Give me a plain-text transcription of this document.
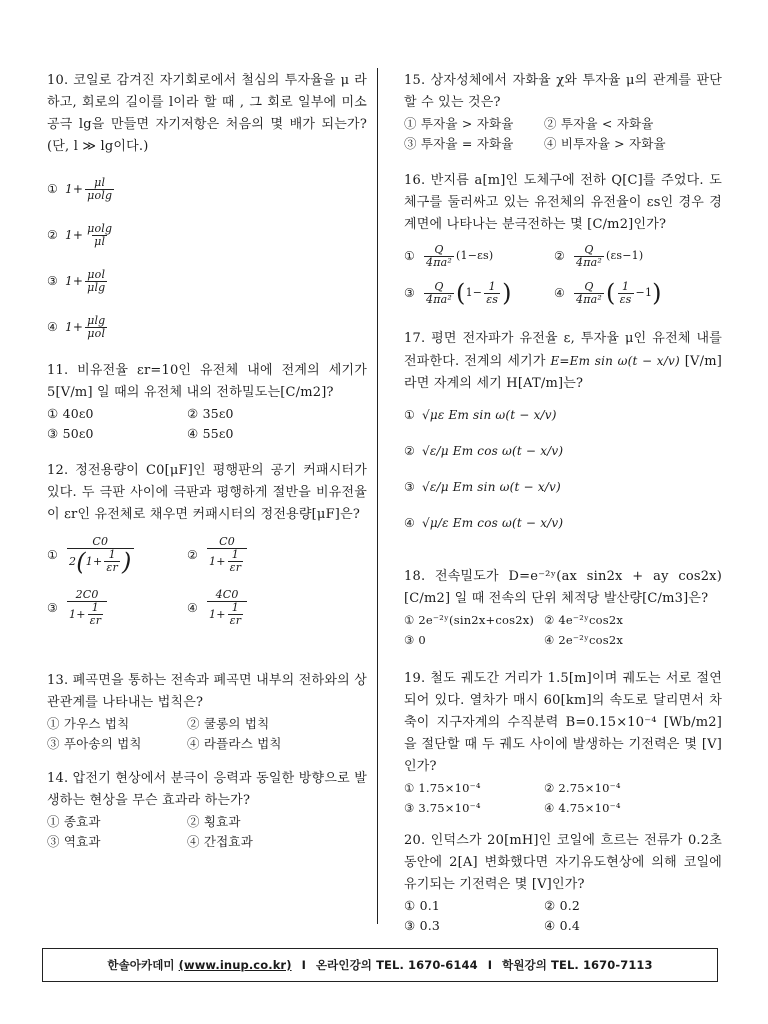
10. 코일로 감겨진 자기회로에서 철심의 투자율을 μ 라 하고, 회로의 길이를 l이라 할 때 , 그 회로 일부에 미소 공극 lg을 만들면 자기저항은 처음의 몇 배가 되는가? (단, l ≫ lg이다.)

① $1+ \frac{\mu l}{\mu olg}$
② $1+ \frac{\mu olg}{\mu l}$
③ $1+ \frac{\text{μol}}{\mu\lg}$
④ $1+ \frac{\mu\lg}{\text{μol}}$

11. 비유전율 εr=10인 유전체 내에 전계의 세기가 5[V/m] 일 때의 유전체 내의 전하밀도는[C/m2]?

① 40ε0	② 35ε0
③ 50ε0	④ 55ε0

12. 정전용량이 C0[μF]인 평행판의 공기 커패시터가 있다. 두 극판 사이에 극판과 평행하게 절반을 비유전율이 εr인 유전체로 채우면 커패시터의 정전용량[μF]은?

① $\frac{C0}{2 ( 1 + \frac{1}{\varepsilon r} )}$	② $\frac{C0}{1 + \frac{1}{\varepsilon r}}$
③ $\frac{2C0}{1 + \frac{1}{\varepsilon r}}$	④ $\frac{4C0}{1 + \frac{1}{\varepsilon r}}$

13. 폐곡면을 통하는 전속과 폐곡면 내부의 전하와의 상관관계를 나타내는 법칙은?

① 가우스 법칙	② 쿨롱의 법칙
③ 푸아송의 법칙	④ 라플라스 법칙

14. 압전기 현상에서 분극이 응력과 동일한 방향으로 발생하는 현상을 무슨 효과라 하는가?

① 종효과	② 횡효과
③ 역효과	④ 간접효과

15. 상자성체에서 자화율 χ와 투자율 μ의 관계를 판단할 수 있는 것은?

① 투자율 > 자화율	② 투자율 < 자화율
③ 투자율 = 자화율	④ 비투자율 > 자화율

16. 반지름 a[m]인 도체구에 전하 Q[C]를 주었다. 도체구를 둘러싸고 있는 유전체의 유전율이 εs인 경우 경계면에 나타나는 분극전하는 몇 [C/m2]인가?

① $\frac{Q}{\text{4πa²}} (1-\varepsilon s)$	② $\frac{Q}{\text{4πa²}} (\varepsilon s-1)$
③ $\frac{Q}{\text{4πa²}}$ ( $1 - \frac{1}{\varepsilon s}$ )	④ $\frac{Q}{\text{4πa²}}$ ( $\frac{1}{\varepsilon s} - 1$ )

17. 평면 전자파가 유전율 ε, 투자율 μ인 유전체 내를 전파한다. 전계의 세기가 E=Em sin ω(t − x/v) [V/m]라면 자계의 세기 H[AT/m]는?

① √με Em sin ω(t − x/v)
② √ ε/μ Em cos ω(t − x/v)
③ √ ε/μ Em sin ω(t − x/v)
④ √ μ/ε Em cos ω(t − x/v)

18. 전속밀도가 D=e⁻²ʸ(ax sin2x + ay cos2x)[C/m2] 일 때 전속의 단위 체적당 발산량[C/m3]은?

① 2e⁻²ʸ(sin2x+cos2x) ② 4e⁻²ʸcos2x
③ 0	④ 2e⁻²ʸcos2x

19. 철도 궤도간 거리가 1.5[m]이며 궤도는 서로 절연되어 있다. 열차가 매시 60[km]의 속도로 달리면서 차축이 지구자계의 수직분력 B=0.15×10⁻⁴ [Wb/m2]을 절단할 때 두 궤도 사이에 발생하는 기전력은 몇 [V]인가?

① 1.75×10⁻⁴	② 2.75×10⁻⁴
③ 3.75×10⁻⁴	④ 4.75×10⁻⁴

20. 인덕스가 20[mH]인 코일에 흐르는 전류가 0.2초 동안에 2[A] 변화했다면 자기유도현상에 의해 코일에 유기되는 기전력은 몇 [V]인가?

① 0.1	② 0.2
③ 0.3	④ 0.4
한솔아카데미 (www.inup.co.kr) I 온라인강의 TEL. 1670-6144 I 학원강의 TEL. 1670-7113
